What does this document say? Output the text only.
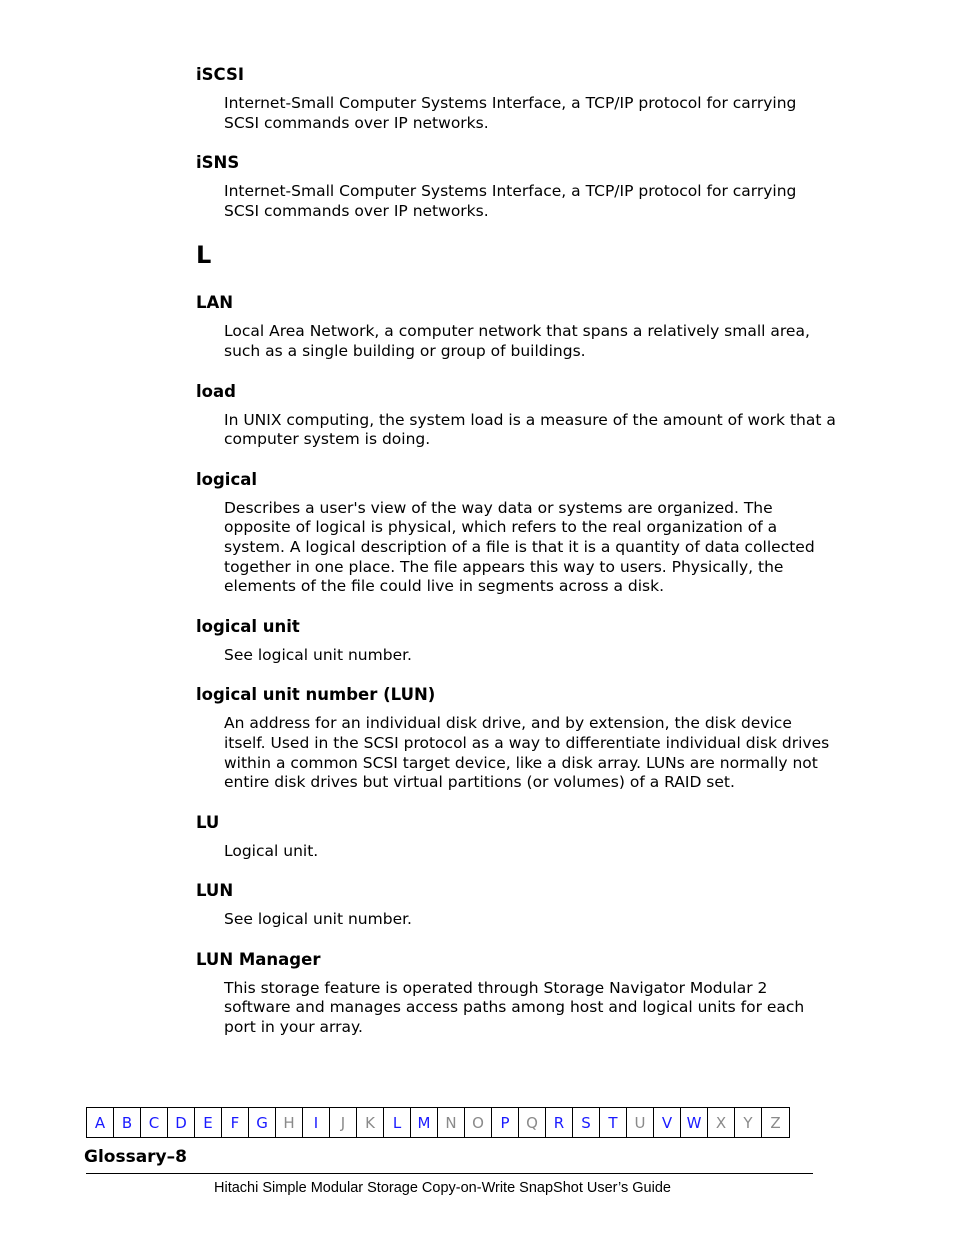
iSCSI
Internet-Small Computer Systems Interface, a TCP/IP protocol for carrying SCSI commands over IP networks.
iSNS
Internet-Small Computer Systems Interface, a TCP/IP protocol for carrying SCSI commands over IP networks.
L
LAN
Local Area Network, a computer network that spans a relatively small area, such as a single building or group of buildings.
load
In UNIX computing, the system load is a measure of the amount of work that a computer system is doing.
logical
Describes a user's view of the way data or systems are organized. The opposite of logical is physical, which refers to the real organization of a system. A logical description of a file is that it is a quantity of data collected together in one place. The file appears this way to users. Physically, the elements of the file could live in segments across a disk.
logical unit
See logical unit number.
logical unit number (LUN)
An address for an individual disk drive, and by extension, the disk device itself. Used in the SCSI protocol as a way to differentiate individual disk drives within a common SCSI target device, like a disk array. LUNs are normally not entire disk drives but virtual partitions (or volumes) of a RAID set.
LU
Logical unit.
LUN
See logical unit number.
LUN Manager
This storage feature is operated through Storage Navigator Modular 2 software and manages access paths among host and logical units for each port in your array.
A	B	C	D	E	F	G	H	I	J	K	L	M N	O	P	Q	R	S	T	U	V W X	Y	Z
Glossary–8
Hitachi Simple Modular Storage Copy-on-Write SnapShot User’s Guide
